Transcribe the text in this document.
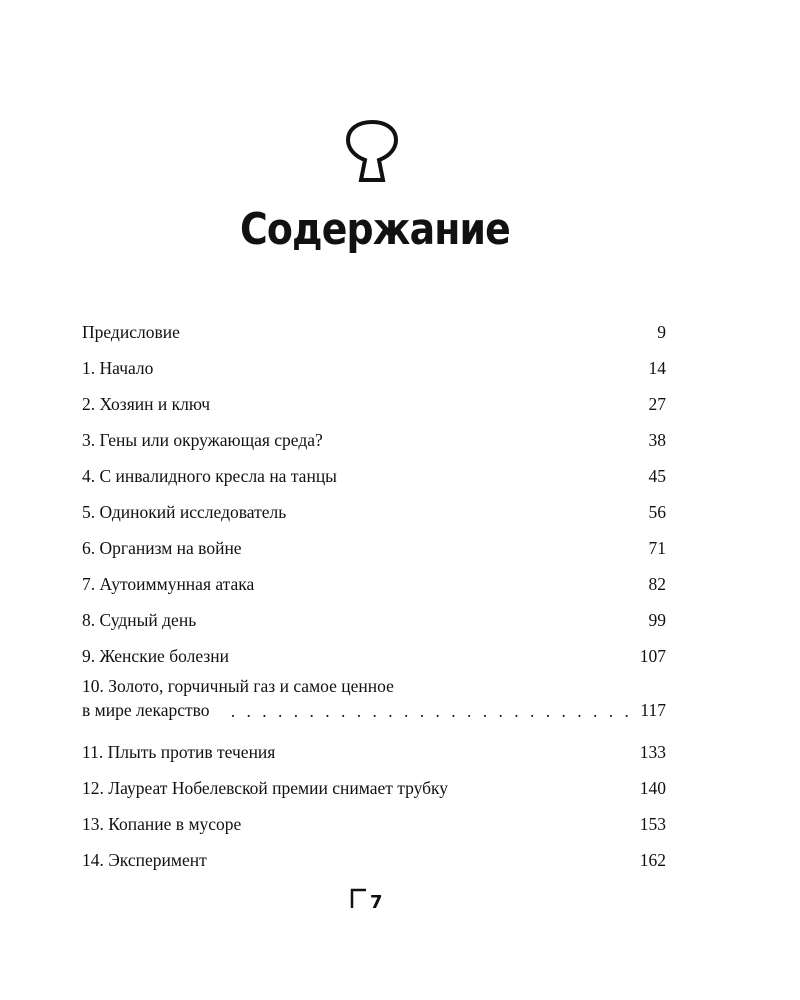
Содержание
Предисловие . . .	9
1. Начало . . .	14
2. Хозяин и ключ . . .	27
3. Гены или окружающая среда? . . .	38
4. С инвалидного кресла на танцы . . .	45
5. Одинокий исследователь . . .	56
6. Организм на войне . . .	71
7. Аутоиммунная атака . . .	82
8. Судный день . . .	99
9. Женские болезни . . .	107
10. Золото, горчичный газ и самое ценное
в мире лекарство . . .	117
11. Плыть против течения . . .	133
12. Лауреат Нобелевской премии снимает трубку . . .	140
13. Копание в мусоре . . .	153
14. Эксперимент . . .	162
7
